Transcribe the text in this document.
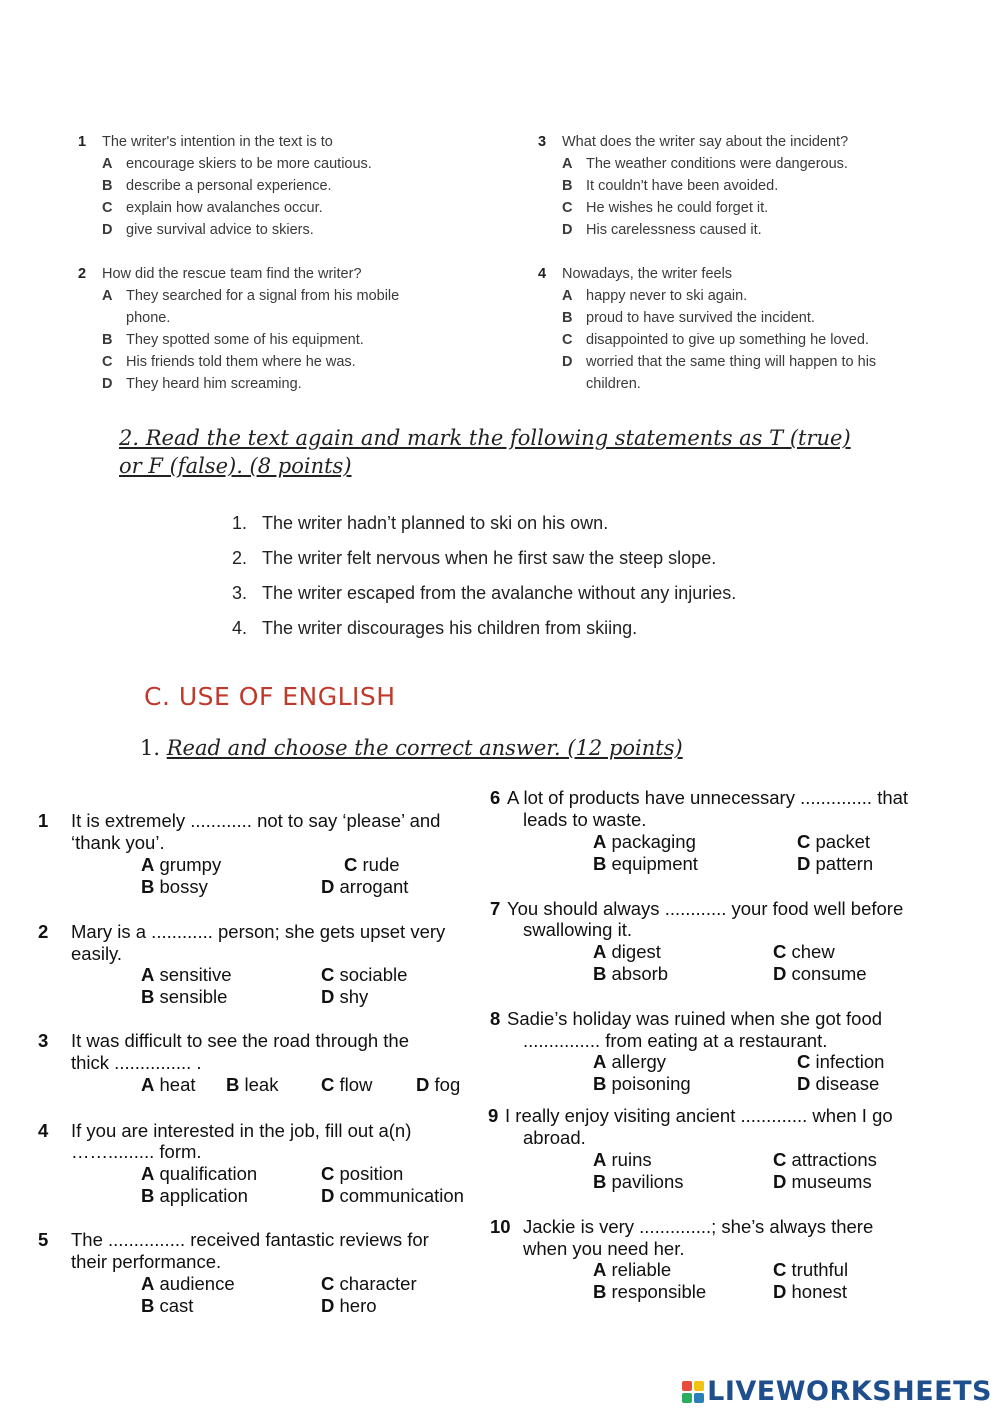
1 The writer's intention in the text is to
A encourage skiers to be more cautious.
B describe a personal experience.
C explain how avalanches occur.
D give survival advice to skiers.
2 How did the rescue team find the writer?
A They searched for a signal from his mobile
phone.
B They spotted some of his equipment.
C His friends told them where he was.
D They heard him screaming.
3 What does the writer say about the incident?
A The weather conditions were dangerous.
B It couldn't have been avoided.
C He wishes he could forget it.
D His carelessness caused it.
4 Nowadays, the writer feels
A happy never to ski again.
B proud to have survived the incident.
C disappointed to give up something he loved.
D worried that the same thing will happen to his
children.
2. Read the text again and mark the following statements as T (true)
or F (false). (8 points)
1. The writer hadn’t planned to ski on his own.
2. The writer felt nervous when he first saw the steep slope.
3. The writer escaped from the avalanche without any injuries.
4. The writer discourages his children from skiing.
C. USE OF ENGLISH
1. Read and choose the correct answer. (12 points)
1 It is extremely ............ not to say ‘please’ and
‘thank you’.
A grumpy
B bossy
C rude
D arrogant
2 Mary is a ............ person; she gets upset very
easily.
A sensitive
B sensible
C sociable
D shy
3 It was difficult to see the road through the
thick ............... .
A heat B leak C flow D fog
4 If you are interested in the job, fill out a(n)
……......... form.
A qualification
B application
C position
D communication
5 The ............... received fantastic reviews for
their performance.
A audience
B cast
C character
D hero
6 A lot of products have unnecessary .............. that
leads to waste.
A packaging
B equipment
C packet
D pattern
7 You should always ............ your food well before
swallowing it.
A digest
B absorb
C chew
D consume
8 Sadie’s holiday was ruined when she got food
............... from eating at a restaurant.
A allergy
B poisoning
C infection
D disease
9 I really enjoy visiting ancient ............. when I go
abroad.
A ruins
B pavilions
C attractions
D museums
10 Jackie is very ..............; she’s always there
when you need her.
A reliable
B responsible
C truthful
D honest
LIVEWORKSHEETS
